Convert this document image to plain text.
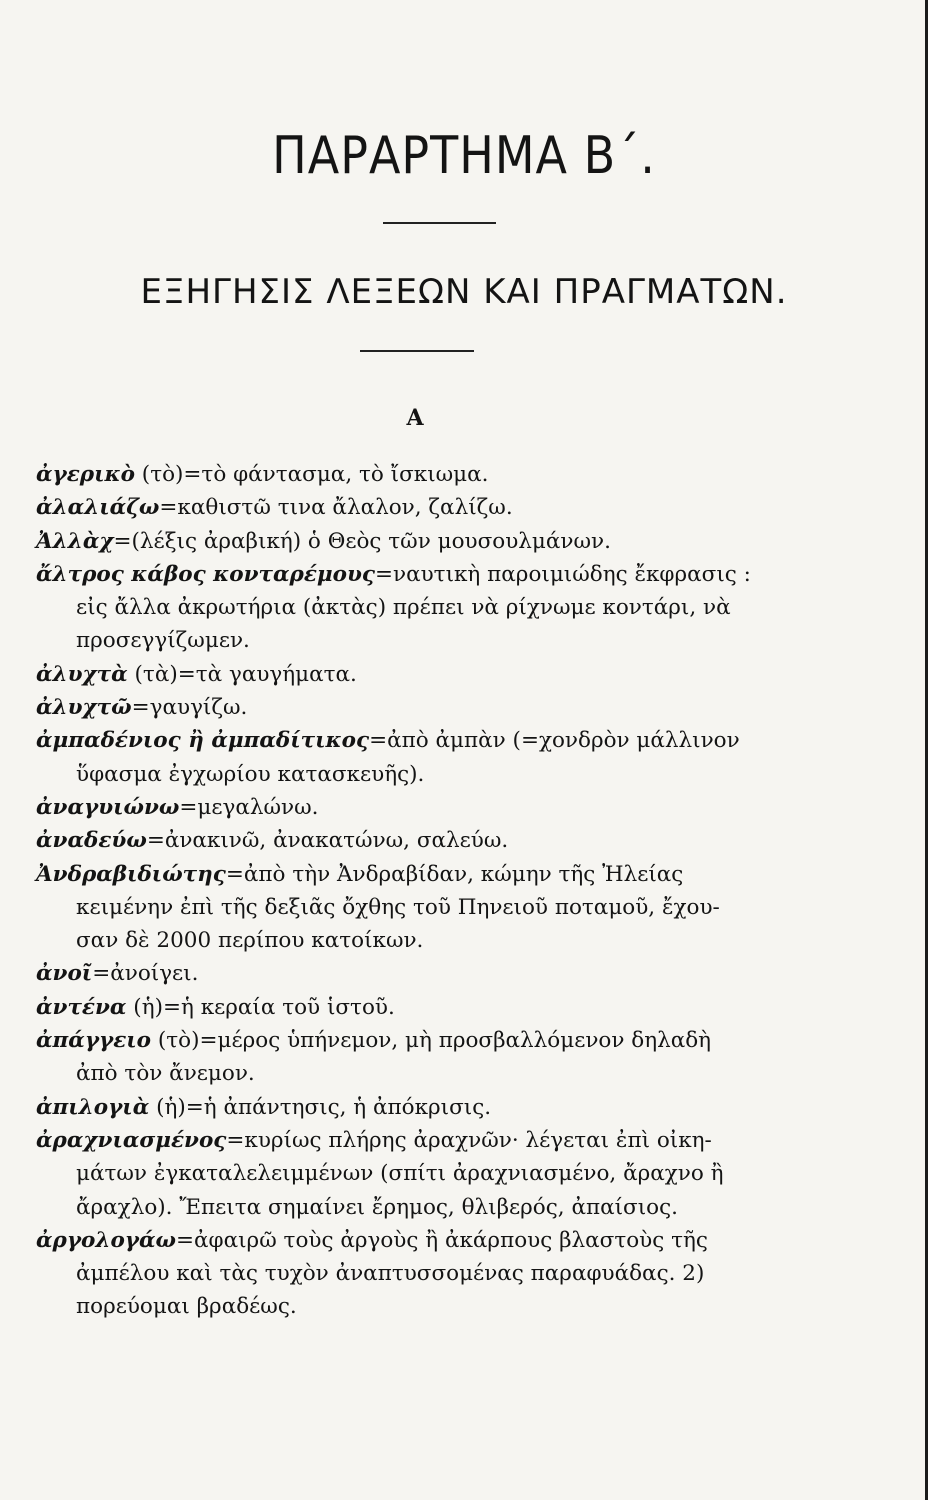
ΠΑΡΑΡΤΗΜΑ Β΄.
ΕΞΗΓΗΣΙΣ ΛΕΞΕΩΝ ΚΑΙ ΠΡΑΓΜΑΤΩΝ.
Α

ἀγερικὸ (τὸ)=τὸ φάντασμα, τὸ ἴσκιωμα.

ἀλαλιάζω=καθιστῶ τινα ἄλαλον, ζαλίζω.

Ἀλλὰχ=(λέξις ἀραβική) ὁ Θεὸς τῶν μουσουλμάνων.

ἄλτρος κάβος κονταρέμους=ναυτικὴ παροιμιώδης ἔκφρασις :
εἰς ἄλλα ἀκρωτήρια (ἀκτὰς) πρέπει νὰ ρίχνωμε κοντάρι, νὰ
προσεγγίζωμεν.

ἀλυχτὰ (τὰ)=τὰ γαυγήματα.

ἀλυχτῶ=γαυγίζω.

ἀμπαδένιος ἢ ἀμπαδίτικος=ἀπὸ ἀμπὰν (=χονδρὸν μάλλινον
ὕφασμα ἐγχωρίου κατασκευῆς).

ἀναγυιώνω=μεγαλώνω.

ἀναδεύω=ἀνακινῶ, ἀνακατώνω, σαλεύω.

Ἀνδραβιδιώτης=ἀπὸ τὴν Ἀνδραβίδαν, κώμην τῆς Ἠλείας
κειμένην ἐπὶ τῆς δεξιᾶς ὄχθης τοῦ Πηνειοῦ ποταμοῦ, ἔχου-
σαν δὲ 2000 περίπου κατοίκων.

ἀνοῖ=ἀνοίγει.

ἀντένα (ἡ)=ἡ κεραία τοῦ ἱστοῦ.

ἀπάγγειο (τὸ)=μέρος ὑπήνεμον, μὴ προσβαλλόμενον δηλαδὴ
ἀπὸ τὸν ἄνεμον.

ἀπιλογιὰ (ἡ)=ἡ ἀπάντησις, ἡ ἀπόκρισις.

ἀραχνιασμένος=κυρίως πλήρης ἀραχνῶν· λέγεται ἐπὶ οἰκη-
μάτων ἐγκαταλελειμμένων (σπίτι ἀραχνιασμένο, ἄραχνο ἢ
ἄραχλο). Ἔπειτα σημαίνει ἔρημος, θλιβερός, ἀπαίσιος.

ἀργολογάω=ἀφαιρῶ τοὺς ἀργοὺς ἢ ἀκάρπους βλαστοὺς τῆς
ἀμπέλου καὶ τὰς τυχὸν ἀναπτυσσομένας παραφυάδας. 2)
πορεύομαι βραδέως.
